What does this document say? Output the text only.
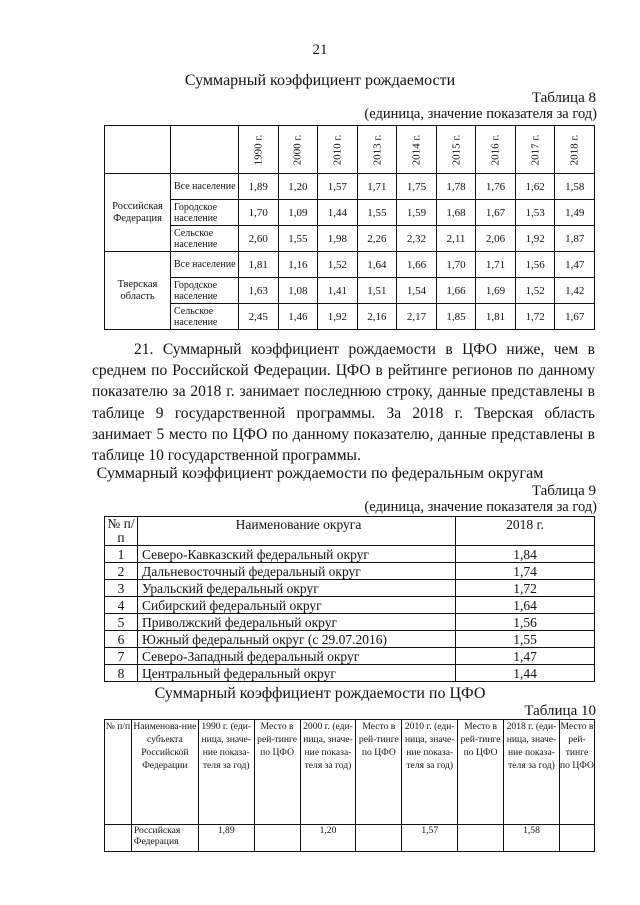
21
Суммарный коэффициент рождаемости
Таблица 8
(единица, значение показателя за год)
		1990 г.	2000 г.	2010 г.	2013 г.	2014 г.	2015 г.	2016 г.	2017 г.	2018 г.
Российская Федерация	Все население	1,89	1,20	1,57	1,71	1,75	1,78	1,76	1,62	1,58
	Городское население	1,70	1,09	1,44	1,55	1,59	1,68	1,67	1,53	1,49
	Сельское население	2,60	1,55	1,98	2,26	2,32	2,11	2,06	1,92	1,87
Тверская область	Все население	1,81	1,16	1,52	1,64	1,66	1,70	1,71	1,56	1,47
	Городское население	1,63	1,08	1,41	1,51	1,54	1,66	1,69	1,52	1,42
	Сельское население	2,45	1,46	1,92	2,16	2,17	1,85	1,81	1,72	1,67

21. Суммарный коэффициент рождаемости в ЦФО ниже, чем в среднем по Российской Федерации. ЦФО в рейтинге регионов по данному показателю за 2018 г. занимает последнюю строку, данные представлены в таблице 9 государственной программы. За 2018 г. Тверская область занимает 5 место по ЦФО по данному показателю, данные представлены в таблице 10 государственной программы.

Суммарный коэффициент рождаемости по федеральным округам
Таблица 9
(единица, значение показателя за год)
№ п/п	Наименование округа	2018 г.
1	Северо-Кавказский федеральный округ	1,84
2	Дальневосточный федеральный округ	1,74
3	Уральский федеральный округ	1,72
4	Сибирский федеральный округ	1,64
5	Приволжский федеральный округ	1,56
6	Южный федеральный округ (с 29.07.2016)	1,55
7	Северо-Западный федеральный округ	1,47
8	Центральный федеральный округ	1,44
Суммарный коэффициент рождаемости по ЦФО
Таблица 10
№ п/п	Наименова-ние субъекта Российской Федерации	1990 г. (еди-ница, значе-ние показа-теля за год)	Место в рей-тинге по ЦФО	2000 г. (еди-ница, значе-ние показа-теля за год)	Место в рей-тинге по ЦФО	2010 г. (еди-ница, значе-ние показа-теля за год)	Место в рей-тинге по ЦФО	2018 г. (еди-ница, значе-ние показа-теля за год)	Место в рей-тинге по ЦФО
	Российская Федерация	1,89		1,20		1,57		1,58	
